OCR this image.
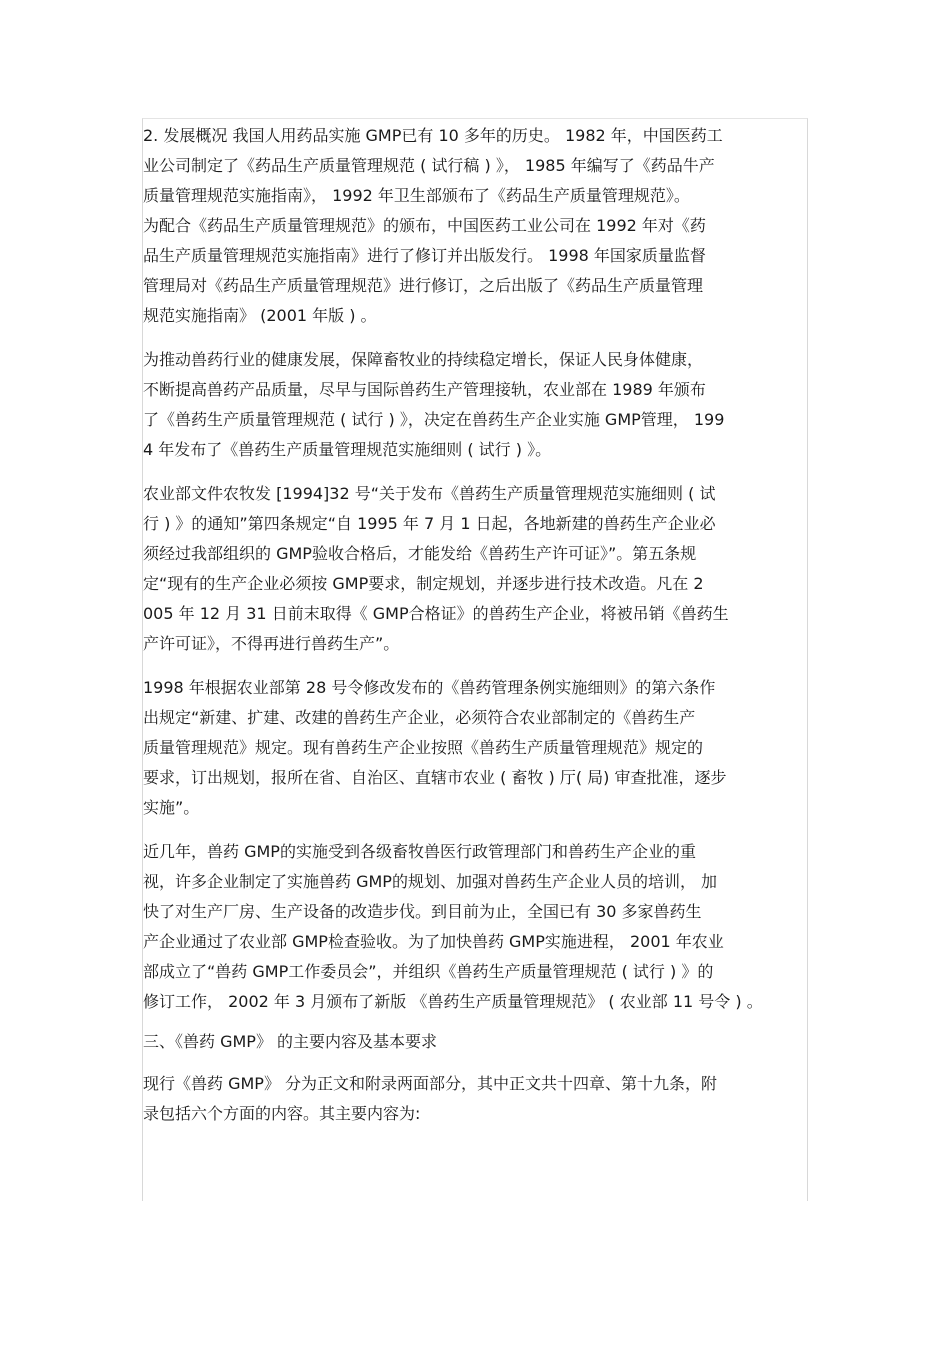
2. 发展概况 我国人用药品实施 GMP已有 10 多年的历史。 1982 年，中国医药工
业公司制定了《药品生产质量管理规范 ( 试行稿 ) 》， 1985 年编写了《药品牛产
质量管理规范实施指南》， 1992 年卫生部颁布了《药品生产质量管理规范》。
为配合《药品生产质量管理规范》的颁布，中国医药工业公司在 1992 年对《药
品生产质量管理规范实施指南》进行了修订并出版发行。 1998 年国家质量监督
管理局对《药品生产质量管理规范》进行修订，之后出版了《药品生产质量管理
规范实施指南》 (2001 年版 ) 。
为推动兽药行业的健康发展，保障畜牧业的持续稳定增长，保证人民身体健康，
不断提高兽药产品质量，尽早与国际兽药生产管理接轨，农业部在 1989 年颁布
了《兽药生产质量管理规范 ( 试行 ) 》，决定在兽药生产企业实施 GMP管理， 199
4 年发布了《兽药生产质量管理规范实施细则 ( 试行 ) 》。
农业部文件农牧发 [1994]32 号“关于发布《兽药生产质量管理规范实施细则 ( 试
行 ) 》的通知”第四条规定“自 1995 年 7 月 1 日起，各地新建的兽药生产企业必
须经过我部组织的 GMP验收合格后，才能发给《兽药生产许可证》”。第五条规
定“现有的生产企业必须按 GMP要求，制定规划，并逐步进行技术改造。凡在 2
005 年 12 月 31 日前末取得《 GMP合格证》的兽药生产企业，将被吊销《兽药生
产许可证》，不得再进行兽药生产”。
1998 年根据农业部第 28 号令修改发布的《兽药管理条例实施细则》的第六条作
出规定“新建、扩建、改建的兽药生产企业，必须符合农业部制定的《兽药生产
质量管理规范》规定。现有兽药生产企业按照《兽药生产质量管理规范》规定的
要求，订出规划，报所在省、自治区、直辖市农业 ( 畜牧 ) 厅( 局) 审查批准，逐步
实施”。
近几年，兽药 GMP的实施受到各级畜牧兽医行政管理部门和兽药生产企业的重
视，许多企业制定了实施兽药 GMP的规划、加强对兽药生产企业人员的培训， 加
快了对生产厂房、生产设备的改造步伐。到目前为止，全国已有 30 多家兽药生
产企业通过了农业部 GMP检查验收。为了加快兽药 GMP实施进程， 2001 年农业
部成立了“兽药 GMP工作委员会”，并组织《兽药生产质量管理规范 ( 试行 ) 》的
修订工作， 2002 年 3 月颁布了新版 《兽药生产质量管理规范》 ( 农业部 11 号令 ) 。
三、《兽药 GMP》 的主要内容及基本要求
现行《兽药 GMP》 分为正文和附录两面部分，其中正文共十四章、第十九条，附
录包括六个方面的内容。其主要内容为:
